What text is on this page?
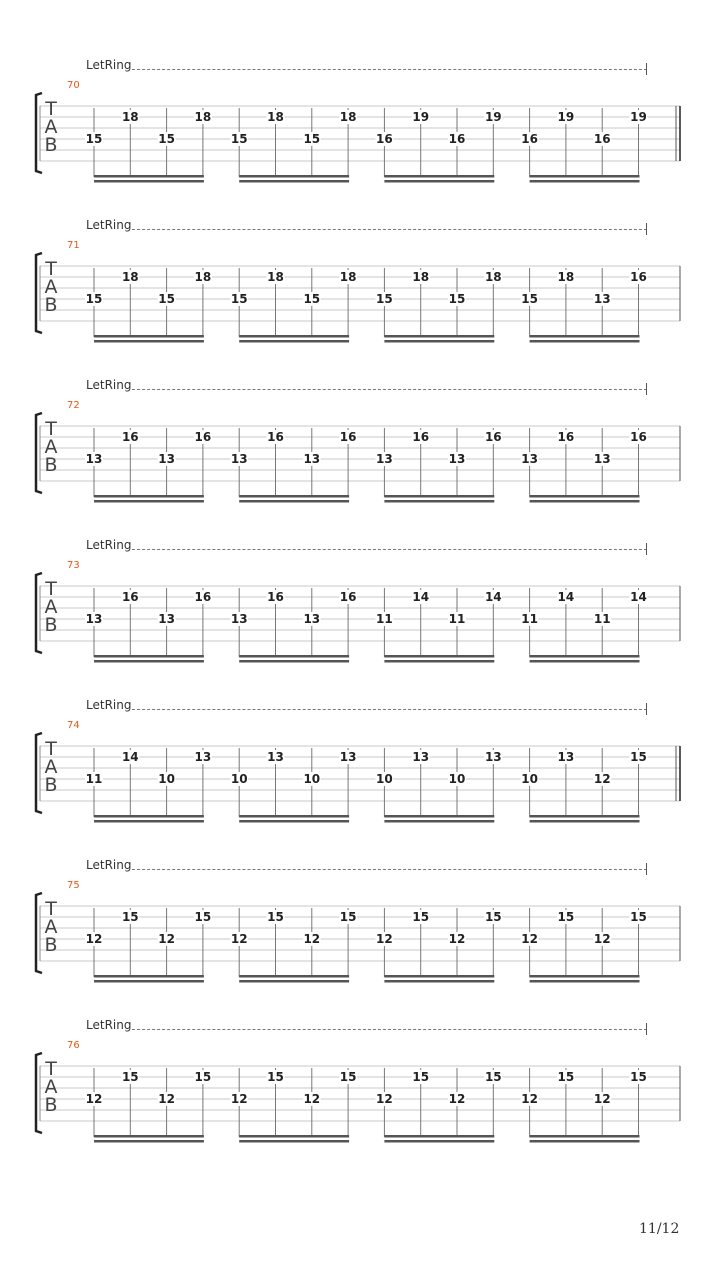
LetRing
70
T
A
B 15
18
15
18
15
18
15
18
16
19
16
19
16
19
16
19
LetRing
71
T
A
B 15
18
15
18
15
18
15
18
15
18
15
18
15
18
13
16
LetRing
72
T
A
B 13
16
13
16
13
16
13
16
13
16
13
16
13
16
13
16
LetRing
73
T
A
B 13
16
13
16
13
16
13
16
11
14
11
14
11
14
11
14
LetRing
74
T
A
B 11
14
10
13
10
13
10
13
10
13
10
13
10
13
12
15
LetRing
75
T
A
B 12
15
12
15
12
15
12
15
12
15
12
15
12
15
12
15
LetRing
76
T
A
B 12
15
12
15
12
15
12
15
12
15
12
15
12
15
12
15
11/12
